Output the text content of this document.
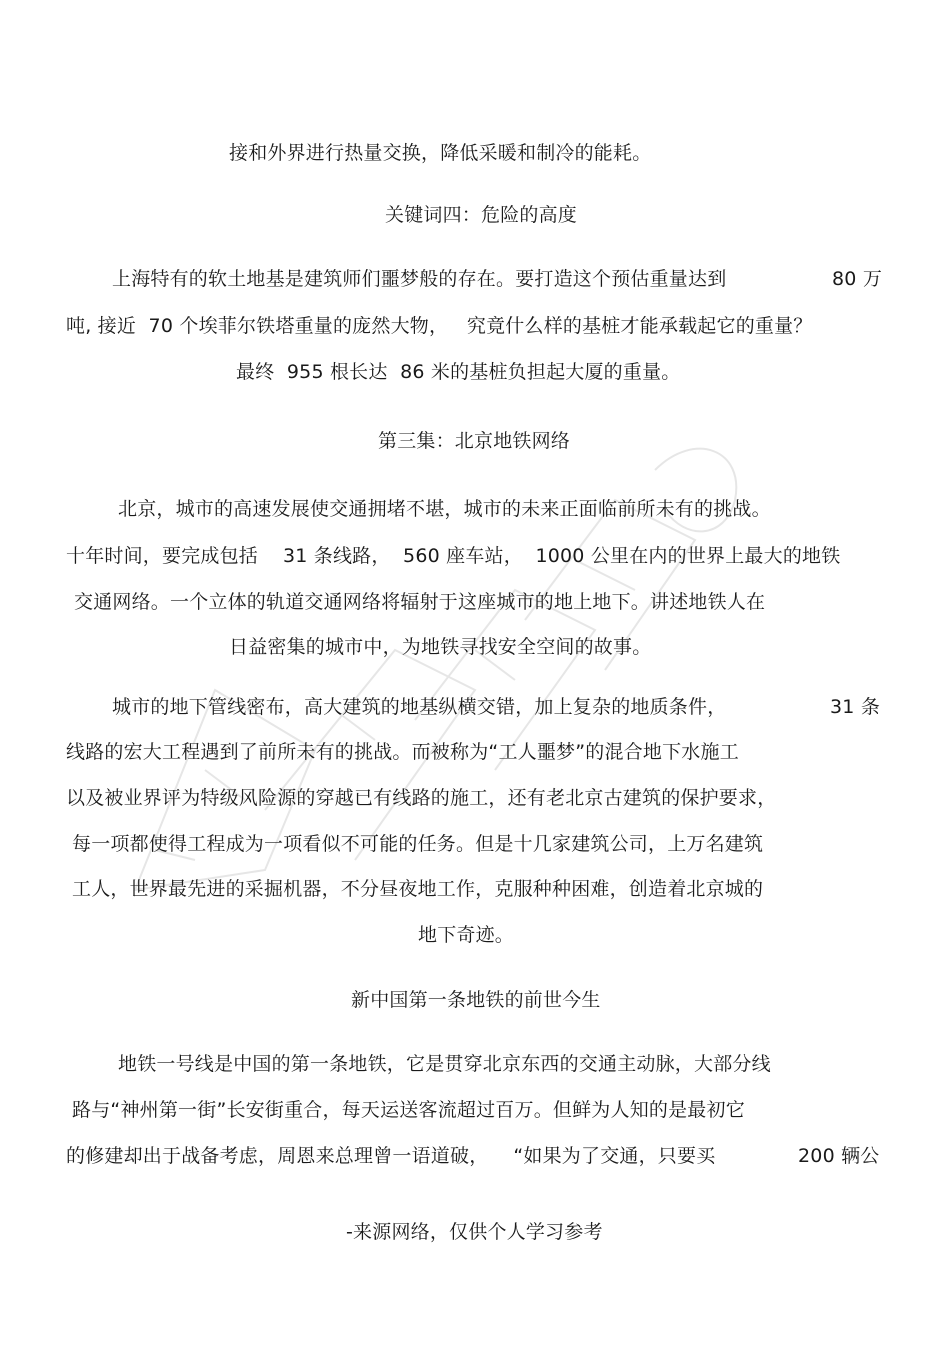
接和外界进行热量交换，降低采暖和制冷的能耗。
关键词四：危险的高度
上海特有的软土地基是建筑师们噩梦般的存在。要打造这个预估重量达到	80 万
吨, 接近  70 个埃菲尔铁塔重量的庞然大物，   究竟什么样的基桩才能承载起它的重量？
最终  955 根长达  86 米的基桩负担起大厦的重量。
第三集：北京地铁网络
北京，城市的高速发展使交通拥堵不堪，城市的未来正面临前所未有的挑战。
十年时间，要完成包括    31 条线路，  560 座车站，  1000 公里在内的世界上最大的地铁
交通网络。一个立体的轨道交通网络将辐射于这座城市的地上地下。讲述地铁人在
日益密集的城市中，为地铁寻找安全空间的故事。
城市的地下管线密布，高大建筑的地基纵横交错，加上复杂的地质条件，	31 条
线路的宏大工程遇到了前所未有的挑战。而被称为“工人噩梦”的混合地下水施工
以及被业界评为特级风险源的穿越已有线路的施工，还有老北京古建筑的保护要求，
每一项都使得工程成为一项看似不可能的任务。但是十几家建筑公司，上万名建筑
工人，世界最先进的采掘机器，不分昼夜地工作，克服种种困难，创造着北京城的
地下奇迹。
新中国第一条地铁的前世今生
地铁一号线是中国的第一条地铁，它是贯穿北京东西的交通主动脉，大部分线
路与“神州第一街”长安街重合，每天运送客流超过百万。但鲜为人知的是最初它
的修建却出于战备考虑，周恩来总理曾一语道破，    “如果为了交通，只要买	200 辆公
-来源网络，仅供个人学习参考
